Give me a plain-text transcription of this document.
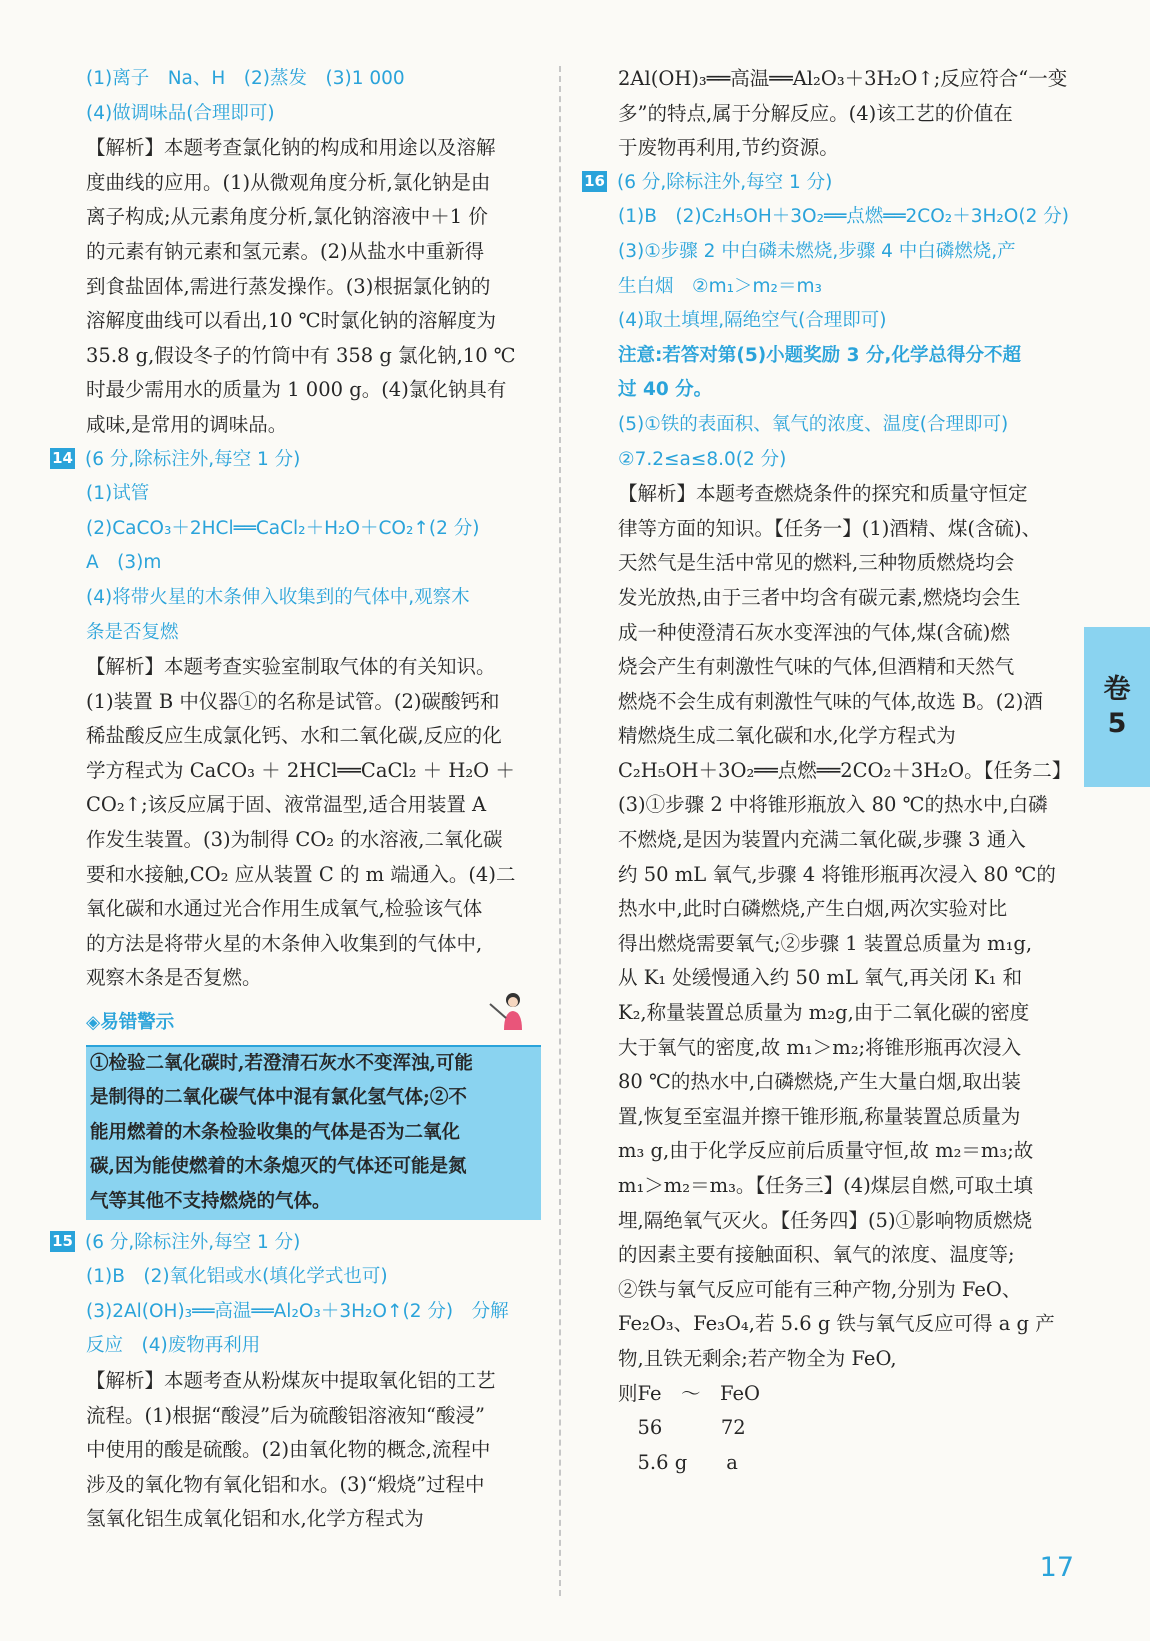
(1)离子　Na、H　(2)蒸发　(3)1 000
(4)做调味品(合理即可)
【解析】本题考查氯化钠的构成和用途以及溶解
度曲线的应用。(1)从微观角度分析,氯化钠是由
离子构成;从元素角度分析,氯化钠溶液中＋1 价
的元素有钠元素和氢元素。(2)从盐水中重新得
到食盐固体,需进行蒸发操作。(3)根据氯化钠的
溶解度曲线可以看出,10 ℃时氯化钠的溶解度为
35.8 g,假设冬子的竹筒中有 358 g 氯化钠,10 ℃
时最少需用水的质量为 1 000 g。(4)氯化钠具有
咸味,是常用的调味品。
14 (6 分,除标注外,每空 1 分)
(1)试管
(2)CaCO₃＋2HCl══CaCl₂＋H₂O＋CO₂↑(2 分)
A　(3)m
(4)将带火星的木条伸入收集到的气体中,观察木
条是否复燃
【解析】本题考查实验室制取气体的有关知识。
(1)装置 B 中仪器①的名称是试管。(2)碳酸钙和
稀盐酸反应生成氯化钙、水和二氧化碳,反应的化
学方程式为 CaCO₃ ＋ 2HCl══CaCl₂ ＋ H₂O ＋
CO₂↑;该反应属于固、液常温型,适合用装置 A
作发生装置。(3)为制得 CO₂ 的水溶液,二氧化碳
要和水接触,CO₂ 应从装置 C 的 m 端通入。(4)二
氧化碳和水通过光合作用生成氧气,检验该气体
的方法是将带火星的木条伸入收集到的气体中,
观察木条是否复燃。
◈易错警示
①检验二氧化碳时,若澄清石灰水不变浑浊,可能
是制得的二氧化碳气体中混有氯化氢气体;②不
能用燃着的木条检验收集的气体是否为二氧化
碳,因为能使燃着的木条熄灭的气体还可能是氮
气等其他不支持燃烧的气体。
15 (6 分,除标注外,每空 1 分)
(1)B　(2)氧化铝或水(填化学式也可)
(3)2Al(OH)₃══高温══Al₂O₃＋3H₂O↑(2 分)　分解
反应　(4)废物再利用
【解析】本题考查从粉煤灰中提取氧化铝的工艺
流程。(1)根据“酸浸”后为硫酸铝溶液知“酸浸”
中使用的酸是硫酸。(2)由氧化物的概念,流程中
涉及的氧化物有氧化铝和水。(3)“煅烧”过程中
氢氧化铝生成氧化铝和水,化学方程式为
2Al(OH)₃══高温══Al₂O₃＋3H₂O↑;反应符合“一变
多”的特点,属于分解反应。(4)该工艺的价值在
于废物再利用,节约资源。
16 (6 分,除标注外,每空 1 分)
(1)B　(2)C₂H₅OH＋3O₂══点燃══2CO₂＋3H₂O(2 分)
(3)①步骤 2 中白磷未燃烧,步骤 4 中白磷燃烧,产
生白烟　②m₁＞m₂＝m₃
(4)取土填埋,隔绝空气(合理即可)
注意:若答对第(5)小题奖励 3 分,化学总得分不超
过 40 分。
(5)①铁的表面积、氧气的浓度、温度(合理即可)
②7.2≤a≤8.0(2 分)
【解析】本题考查燃烧条件的探究和质量守恒定
律等方面的知识。【任务一】(1)酒精、煤(含硫)、
天然气是生活中常见的燃料,三种物质燃烧均会
发光放热,由于三者中均含有碳元素,燃烧均会生
成一种使澄清石灰水变浑浊的气体,煤(含硫)燃
烧会产生有刺激性气味的气体,但酒精和天然气
燃烧不会生成有刺激性气味的气体,故选 B。(2)酒
精燃烧生成二氧化碳和水,化学方程式为
C₂H₅OH＋3O₂══点燃══2CO₂＋3H₂O。【任务二】
(3)①步骤 2 中将锥形瓶放入 80 ℃的热水中,白磷
不燃烧,是因为装置内充满二氧化碳,步骤 3 通入
约 50 mL 氧气,步骤 4 将锥形瓶再次浸入 80 ℃的
热水中,此时白磷燃烧,产生白烟,两次实验对比
得出燃烧需要氧气;②步骤 1 装置总质量为 m₁g,
从 K₁ 处缓慢通入约 50 mL 氧气,再关闭 K₁ 和
K₂,称量装置总质量为 m₂g,由于二氧化碳的密度
大于氧气的密度,故 m₁＞m₂;将锥形瓶再次浸入
80 ℃的热水中,白磷燃烧,产生大量白烟,取出装
置,恢复至室温并擦干锥形瓶,称量装置总质量为
m₃ g,由于化学反应前后质量守恒,故 m₂＝m₃;故
m₁＞m₂＝m₃。【任务三】(4)煤层自燃,可取土填
埋,隔绝氧气灭火。【任务四】(5)①影响物质燃烧
的因素主要有接触面积、氧气的浓度、温度等;
②铁与氧气反应可能有三种产物,分别为 FeO、
Fe₂O₃、Fe₃O₄,若 5.6 g 铁与氧气反应可得 a g 产
物,且铁无剩余;若产物全为 FeO,
则Fe　～　FeO
　56　　　72
　5.6 g　　a
卷
5
17
